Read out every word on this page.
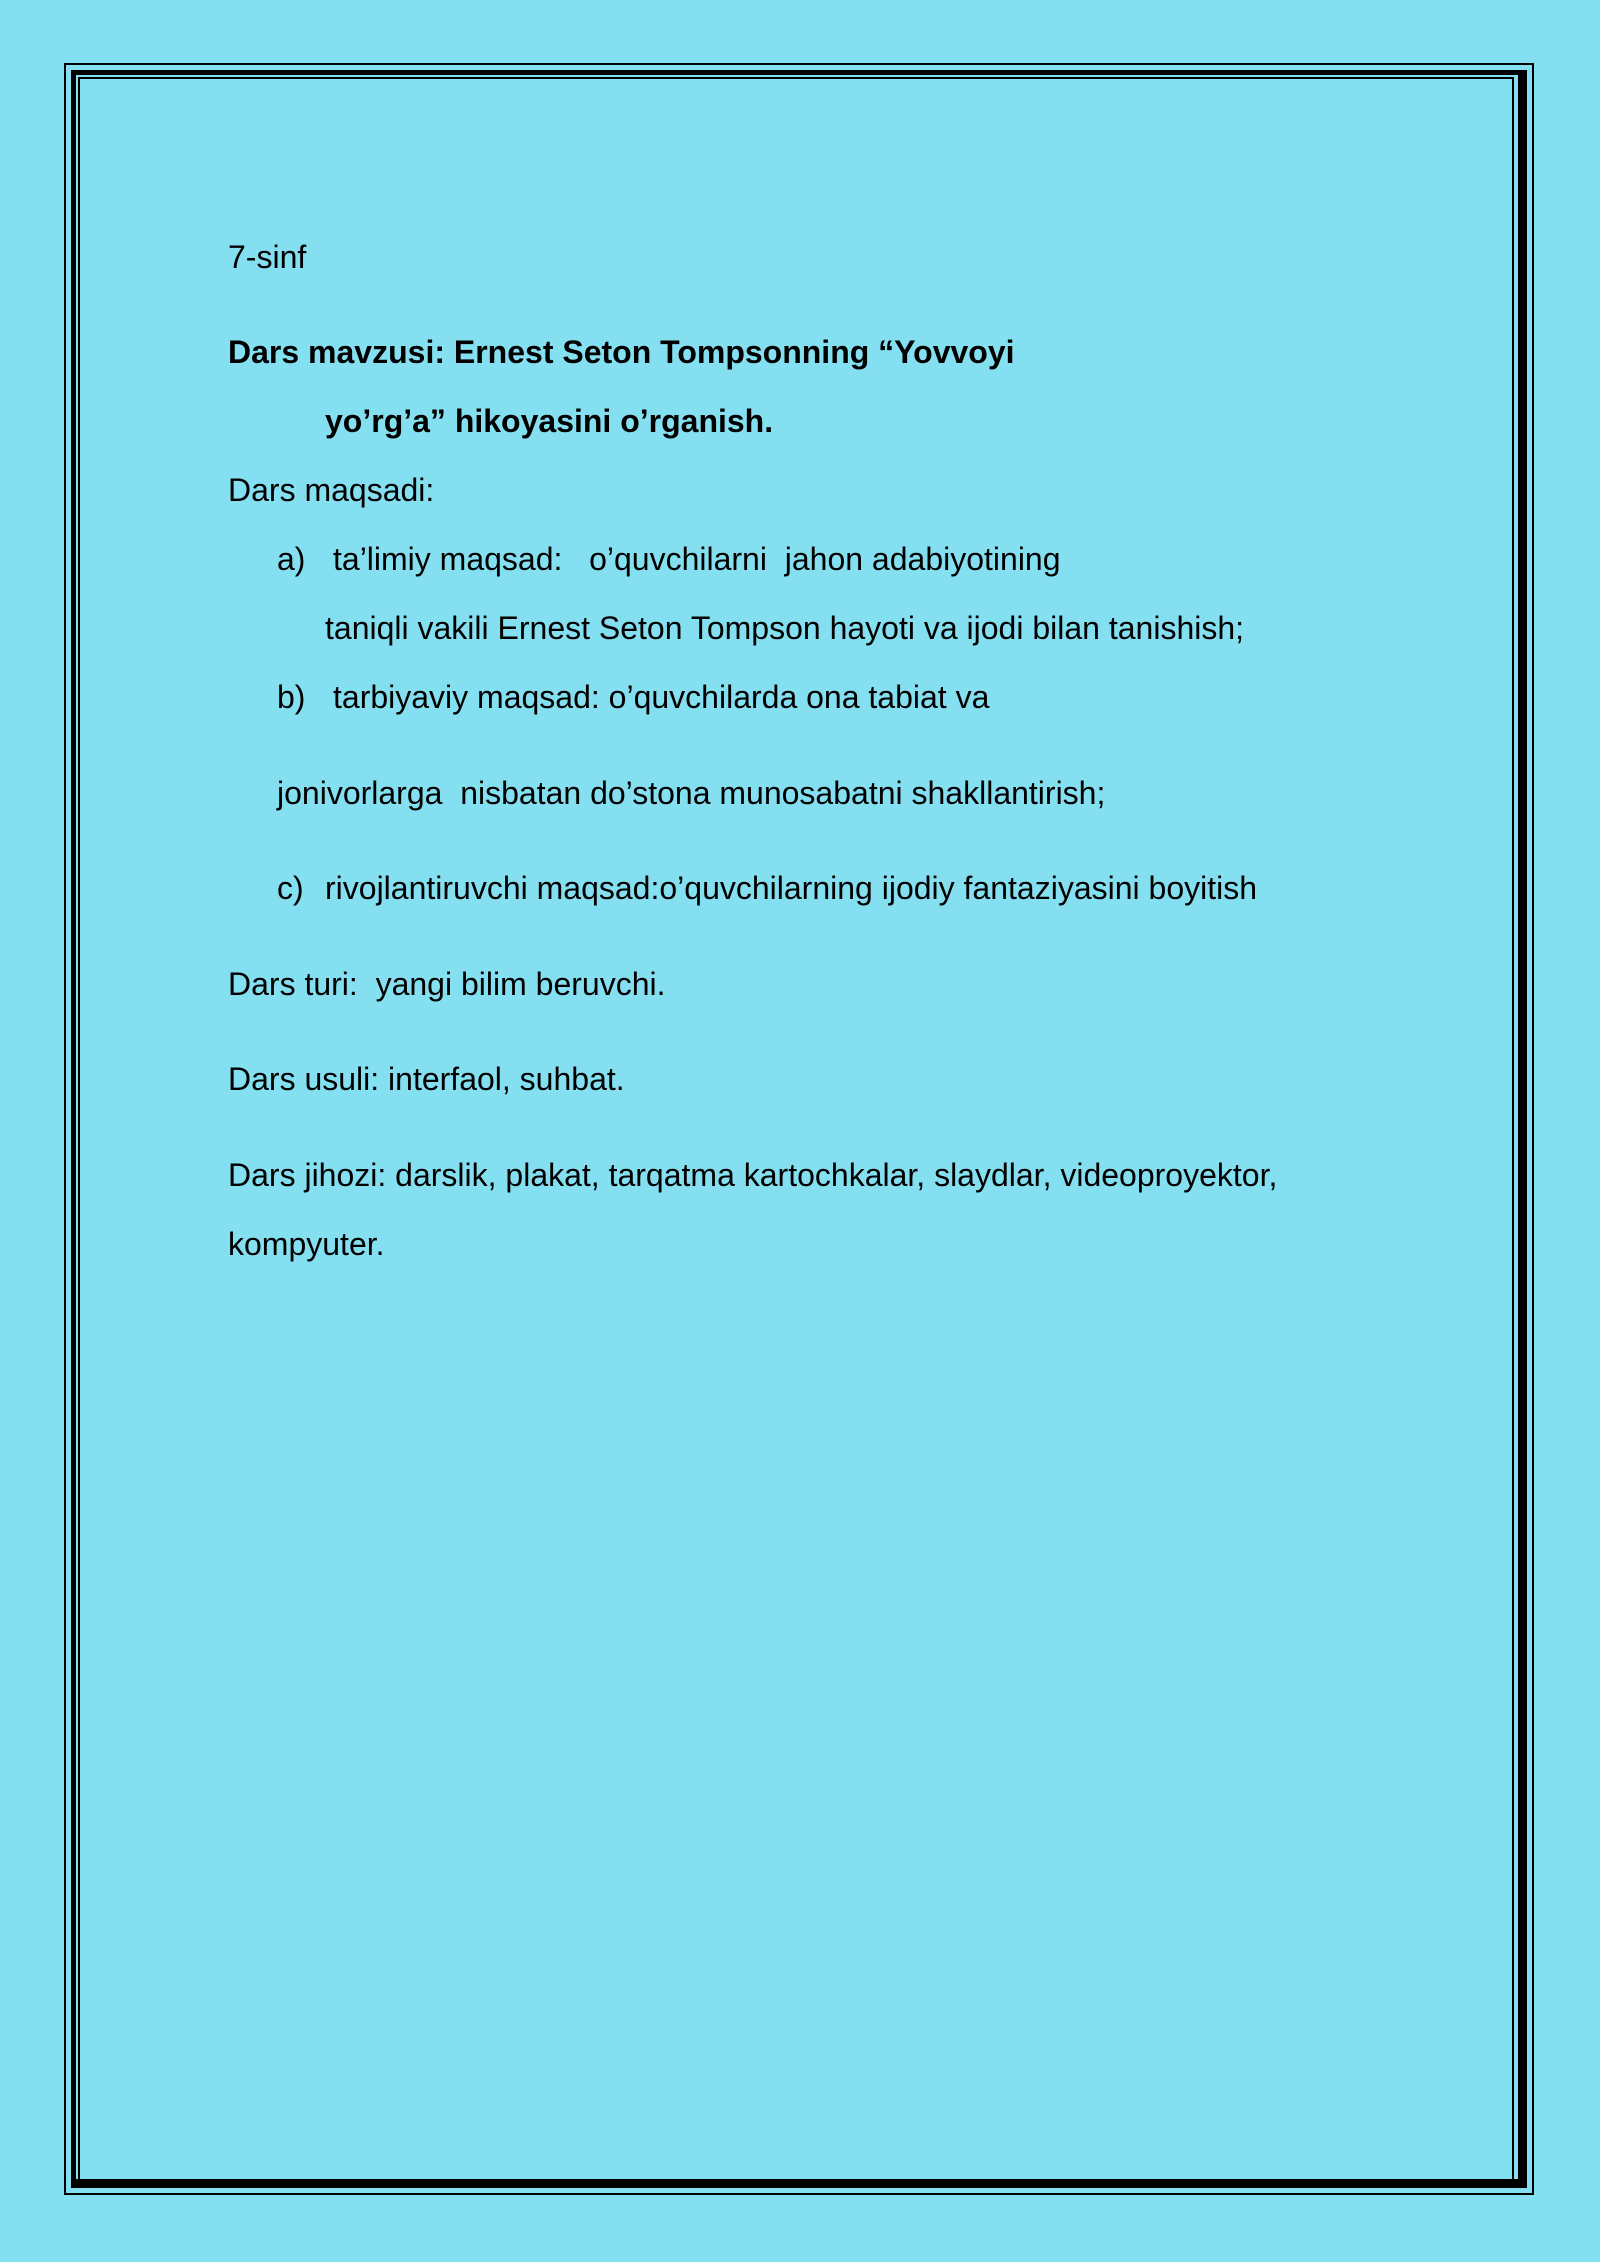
7-sinf
Dars mavzusi: Ernest Seton Tompsonning “Yovvoyi
yo’rg’a” hikoyasini o’rganish.
Dars maqsadi:
a) ta’limiy maqsad:   o’quvchilarni  jahon adabiyotining
taniqli vakili Ernest Seton Tompson hayoti va ijodi bilan tanishish;
b) tarbiyaviy maqsad: o’quvchilarda ona tabiat va
jonivorlarga  nisbatan do’stona munosabatni shakllantirish;
c) rivojlantiruvchi maqsad:o’quvchilarning ijodiy fantaziyasini boyitish
Dars turi:  yangi bilim beruvchi.
Dars usuli: interfaol, suhbat.
Dars jihozi: darslik, plakat, tarqatma kartochkalar, slaydlar, videoproyektor,
kompyuter.
